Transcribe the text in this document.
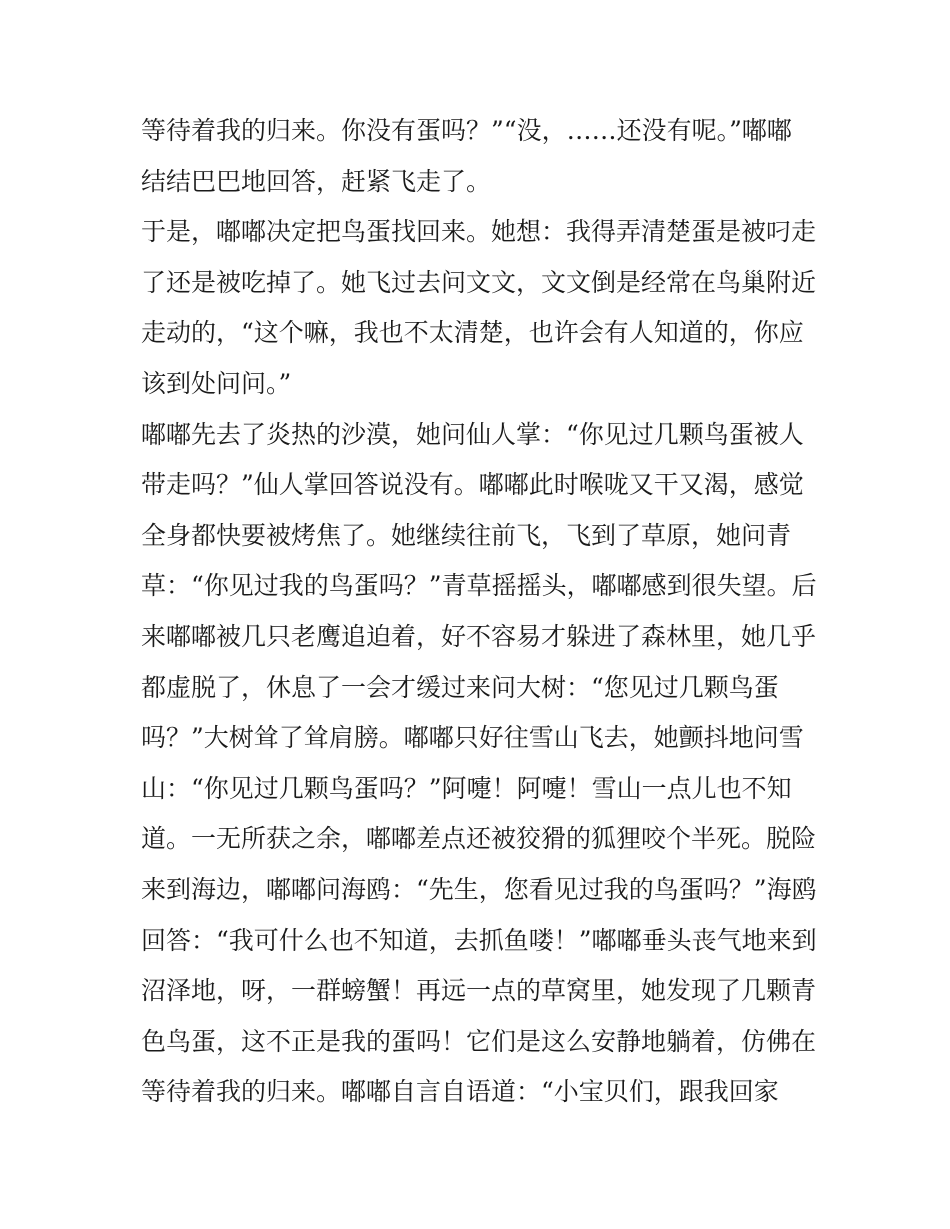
等待着我的归来。你没有蛋吗？”“没，……还没有呢。”嘟嘟
结结巴巴地回答，赶紧飞走了。
于是，嘟嘟决定把鸟蛋找回来。她想：我得弄清楚蛋是被叼走
了还是被吃掉了。她飞过去问文文，文文倒是经常在鸟巢附近
走动的，“这个嘛，我也不太清楚，也许会有人知道的，你应
该到处问问。”
嘟嘟先去了炎热的沙漠，她问仙人掌：“你见过几颗鸟蛋被人
带走吗？”仙人掌回答说没有。嘟嘟此时喉咙又干又渴，感觉
全身都快要被烤焦了。她继续往前飞，飞到了草原，她问青
草：“你见过我的鸟蛋吗？”青草摇摇头，嘟嘟感到很失望。后
来嘟嘟被几只老鹰追迫着，好不容易才躲进了森林里，她几乎
都虚脱了，休息了一会才缓过来问大树：“您见过几颗鸟蛋
吗？”大树耸了耸肩膀。嘟嘟只好往雪山飞去，她颤抖地问雪
山：“你见过几颗鸟蛋吗？”阿嚏！阿嚏！雪山一点儿也不知
道。一无所获之余，嘟嘟差点还被狡猾的狐狸咬个半死。脱险
来到海边，嘟嘟问海鸥：“先生，您看见过我的鸟蛋吗？”海鸥
回答：“我可什么也不知道，去抓鱼喽！”嘟嘟垂头丧气地来到
沼泽地，呀，一群螃蟹！再远一点的草窝里，她发现了几颗青
色鸟蛋，这不正是我的蛋吗！它们是这么安静地躺着，仿佛在
等待着我的归来。嘟嘟自言自语道：“小宝贝们，跟我回家
